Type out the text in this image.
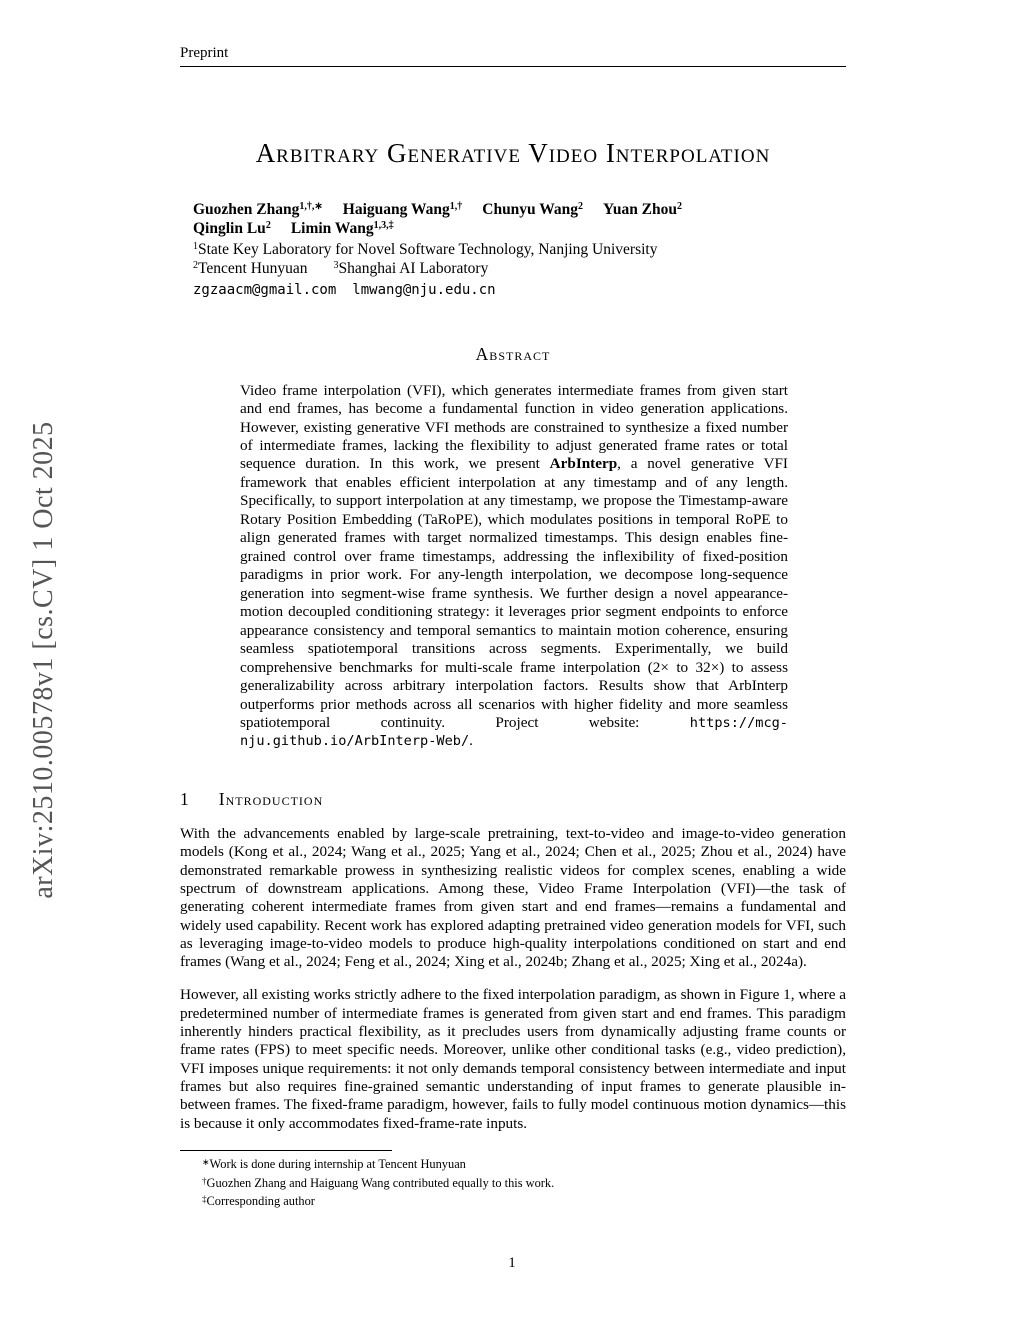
arXiv:2510.00578v1 [cs.CV] 1 Oct 2025
Preprint
Arbitrary Generative Video Interpolation
Guozhen Zhang$^{1,\dagger,∗}$ Haiguang Wang$^{1,\dagger}$ Chunyu Wang$^2$ Yuan Zhou$^2$
Qinglin Lu$^2$ Limin Wang$^{1,3,\ddagger}$
$^1$State Key Laboratory for Novel Software Technology, Nanjing University
$^2$Tencent Hunyuan	$^3$Shanghai AI Laboratory
zgzaacm@gmail.com lmwang@nju.edu.cn
Abstract
Video frame interpolation (VFI), which generates intermediate frames from given start and end frames, has become a fundamental function in video generation applications. However, existing generative VFI methods are constrained to synthesize a fixed number of intermediate frames, lacking the flexibility to adjust generated frame rates or total sequence duration. In this work, we present ArbInterp, a novel generative VFI framework that enables efficient interpolation at any timestamp and of any length. Specifically, to support interpolation at any timestamp, we propose the Timestamp-aware Rotary Position Embedding (TaRoPE), which modulates positions in temporal RoPE to align generated frames with target normalized timestamps. This design enables fine-grained control over frame timestamps, addressing the inflexibility of fixed-position paradigms in prior work. For any-length interpolation, we decompose long-sequence generation into segment-wise frame synthesis. We further design a novel appearance-motion decoupled conditioning strategy: it leverages prior segment endpoints to enforce appearance consistency and temporal semantics to maintain motion coherence, ensuring seamless spatiotemporal transitions across segments. Experimentally, we build comprehensive benchmarks for multi-scale frame interpolation (2× to 32×) to assess generalizability across arbitrary interpolation factors. Results show that ArbInterp outperforms prior methods across all scenarios with higher fidelity and more seamless spatiotemporal continuity. Project website: https://mcg-nju.github.io/ArbInterp-Web/.
1 Introduction

With the advancements enabled by large-scale pretraining, text-to-video and image-to-video generation models (Kong et al., 2024; Wang et al., 2025; Yang et al., 2024; Chen et al., 2025; Zhou et al., 2024) have demonstrated remarkable prowess in synthesizing realistic videos for complex scenes, enabling a wide spectrum of downstream applications. Among these, Video Frame Interpolation (VFI)—the task of generating coherent intermediate frames from given start and end frames—remains a fundamental and widely used capability. Recent work has explored adapting pretrained video generation models for VFI, such as leveraging image-to-video models to produce high-quality interpolations conditioned on start and end frames (Wang et al., 2024; Feng et al., 2024; Xing et al., 2024b; Zhang et al., 2025; Xing et al., 2024a).

However, all existing works strictly adhere to the fixed interpolation paradigm, as shown in Figure 1, where a predetermined number of intermediate frames is generated from given start and end frames. This paradigm inherently hinders practical flexibility, as it precludes users from dynamically adjusting frame counts or frame rates (FPS) to meet specific needs. Moreover, unlike other conditional tasks (e.g., video prediction), VFI imposes unique requirements: it not only demands temporal consistency between intermediate and input frames but also requires fine-grained semantic understanding of input frames to generate plausible in-between frames. The fixed-frame paradigm, however, fails to fully model continuous motion dynamics—this is because it only accommodates fixed-frame-rate inputs.

∗Work is done during internship at Tencent Hunyuan
†Guozhen Zhang and Haiguang Wang contributed equally to this work.
‡Corresponding author
1
